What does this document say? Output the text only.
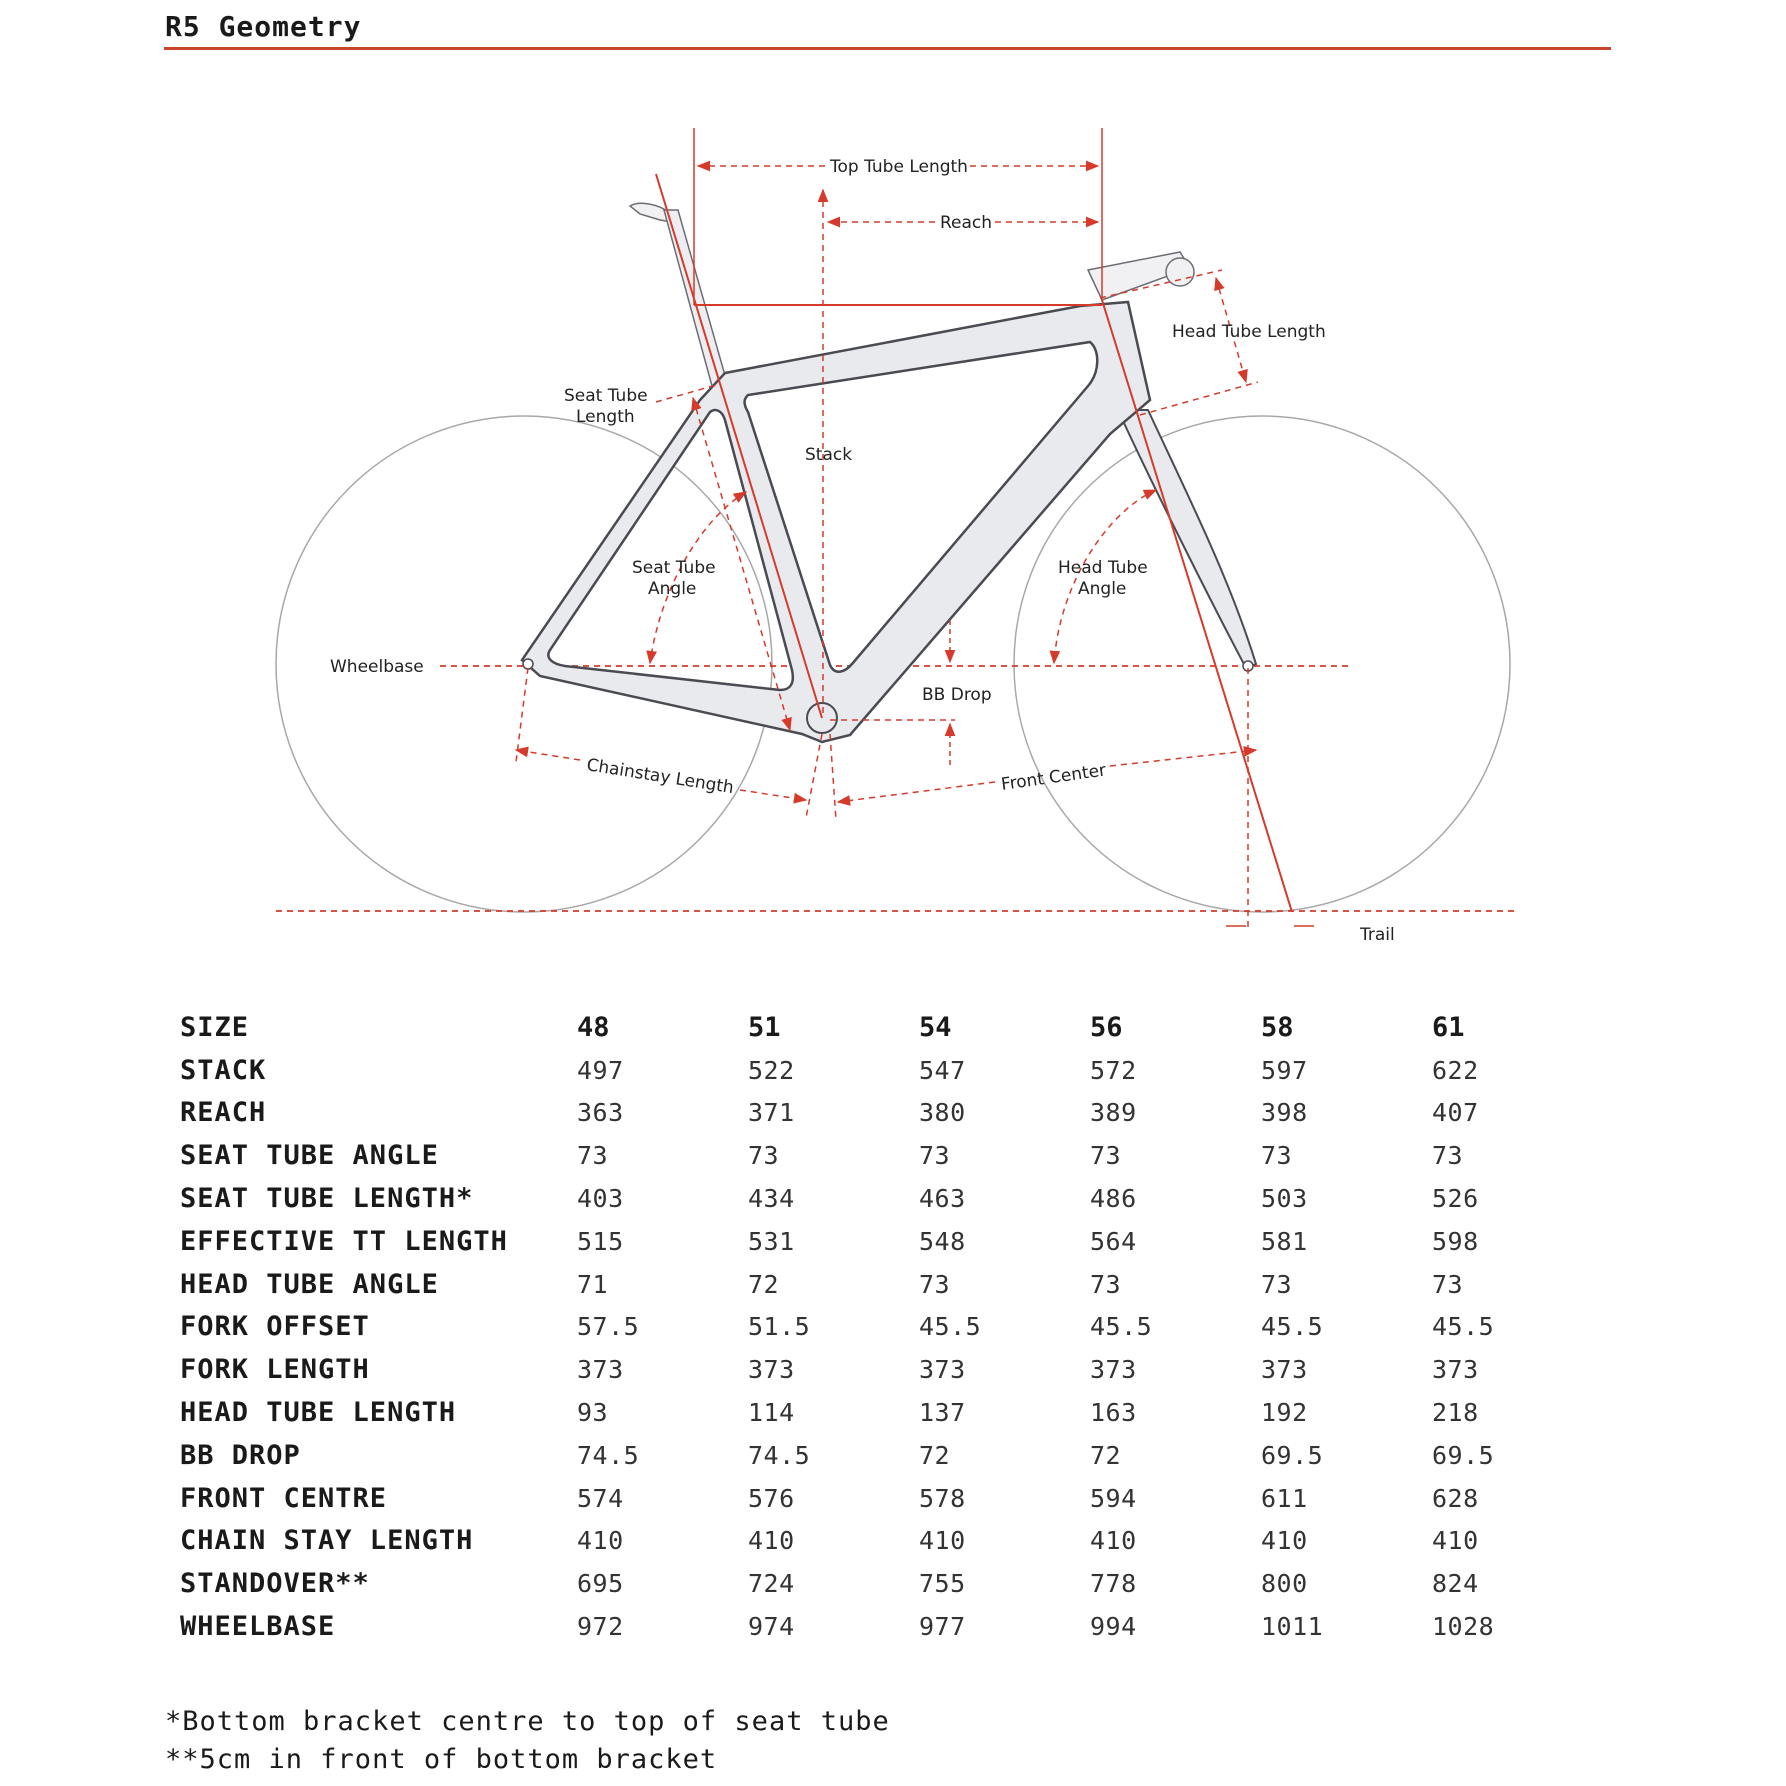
R5 Geometry
Top Tube Length
Reach
Head Tube Length
Seat Tube
Length
Stack
Seat Tube
Angle
Head Tube
Angle
Wheelbase
BB Drop
Chainstay Length	Front Center
Trail
SIZE	48	51	54	56	58	61
STACK	497	522	547	572	597	622
REACH	363	371	380	389	398	407
SEAT TUBE ANGLE	73	73	73	73	73	73
SEAT TUBE LENGTH*	403	434	463	486	503	526
EFFECTIVE TT LENGTH	515	531	548	564	581	598
HEAD TUBE ANGLE	71	72	73	73	73	73
FORK OFFSET	57.5	51.5	45.5	45.5	45.5	45.5
FORK LENGTH	373	373	373	373	373	373
HEAD TUBE LENGTH	93	114	137	163	192	218
BB DROP	74.5	74.5	72	72	69.5	69.5
FRONT CENTRE	574	576	578	594	611	628
CHAIN STAY LENGTH	410	410	410	410	410	410
STANDOVER**	695	724	755	778	800	824
WHEELBASE	972	974	977	994	1011	1028
*Bottom bracket centre to top of seat tube
**5cm in front of bottom bracket
